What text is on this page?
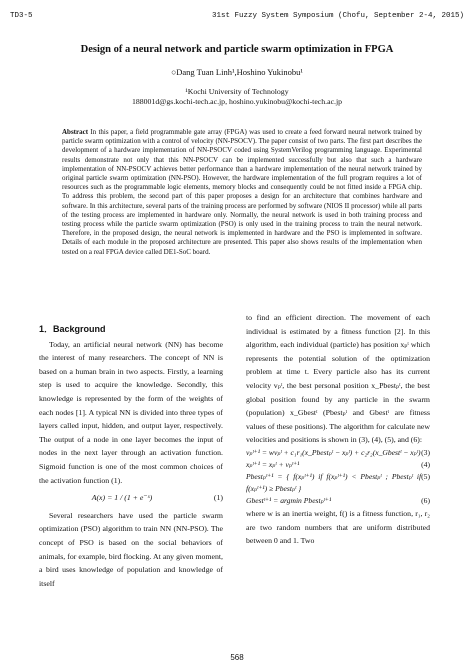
TD3-5	31st Fuzzy System Symposium (Chofu, September 2-4, 2015)
Design of a neural network and particle swarm optimization in FPGA
○Dang Tuan Linh¹,Hoshino Yukinobu¹
¹Kochi University of Technology
188001d@gs.kochi-tech.ac.jp, hoshino.yukinobu@kochi-tech.ac.jp
Abstract In this paper, a field programmable gate array (FPGA) was used to create a feed forward neural network trained by particle swarm optimization with a control of velocity (NN-PSOCV). The paper consist of two parts. The first part describes the development of a hardware implementation of NN-PSOCV coded using SystemVerilog programming language. Experimental results demonstrate not only that this NN-PSOCV can be implemented successfully but also that such a hardware implementation of NN-PSOCV achieves better performance than a hardware implementation of the neural network trained by original particle swarm optimization (NN-PSO). However, the hardware implementation of the full program requires a lot of resources such as the programmable logic elements, memory blocks and consequently could be not fitted inside a FPGA chip. To address this problem, the second part of this paper proposes a design for an architecture that combines hardware and software. In this architecture, several parts of the training process are performed by software (NIOS II processor) while all parts of the testing process are implemented in hardware only. Normally, the neural network is used in both training process and testing process while the particle swarm optimization (PSO) is only used in the training process to train the neural network. Therefore, in the proposed design, the neural network is implemented in hardware and the PSO is implemented in software. Details of each module in the proposed architecture are presented. This paper also shows results of the implementation when tested on a real FPGA device called DE1-SoC board.
1．Background

Today, an artificial neural network (NN) has become the interest of many researchers. The concept of NN is based on a human brain in two aspects. Firstly, a learning step is used to acquire the knowledge. Secondly, this knowledge is represented by the form of the weights of each nodes [1]. A typical NN is divided into three types of layers called input, hidden, and output layer, respectively. The output of a node in one layer becomes the input of nodes in the next layer through an activation function. Sigmoid function is one of the most common choices of the activation function (1).

A(x) = 1 / (1 + e⁻ˣ)	(1)

Several researchers have used the particle swarm optimization (PSO) algorithm to train NN (NN-PSO). The concept of PSO is based on the social behaviors of animals, for example, bird flocking. At any given moment, a bird uses knowledge of population and knowledge of itself

to find an efficient direction. The movement of each individual is estimated by a fitness function [2]. In this algorithm, each individual (particle) has position xₚᵗ which represents the potential solution of the optimization problem at time t. Every particle also has its current velocity vₚᵗ, the best personal position x_Pbestₚᵗ, the best global position found by any particle in the swarm (population) x_Gbestᵗ (Pbestₚᵗ and Gbestᵗ are fitness values of these positions). The algorithm for calculate new velocities and positions is shown in (3), (4), (5), and (6):

vₚᵗ⁺¹ = wvₚᵗ + c₁r₁(x_Pbestₚᵗ − xₚᵗ) + c₂r₂(x_Gbestᵗ − xₚᵗ) (3)
xₚᵗ⁺¹ = xₚᵗ + vₚᵗ⁺¹	(4)
Pbestₚᵗ⁺¹ = { f(xₚᵗ⁺¹) if f(xₚᵗ⁺¹) < Pbestₚᵗ ; Pbestₚᵗ if f(xₚᵗ⁺¹) ≥ Pbestₚᵗ }
(5)
Gbestᵗ⁺¹ = argmin Pbestₚᵗ⁺¹	(6)

where w is an inertia weight, f() is a fitness function, r₁, r₂ are two random numbers that are uniform distributed between 0 and 1. Two

568
